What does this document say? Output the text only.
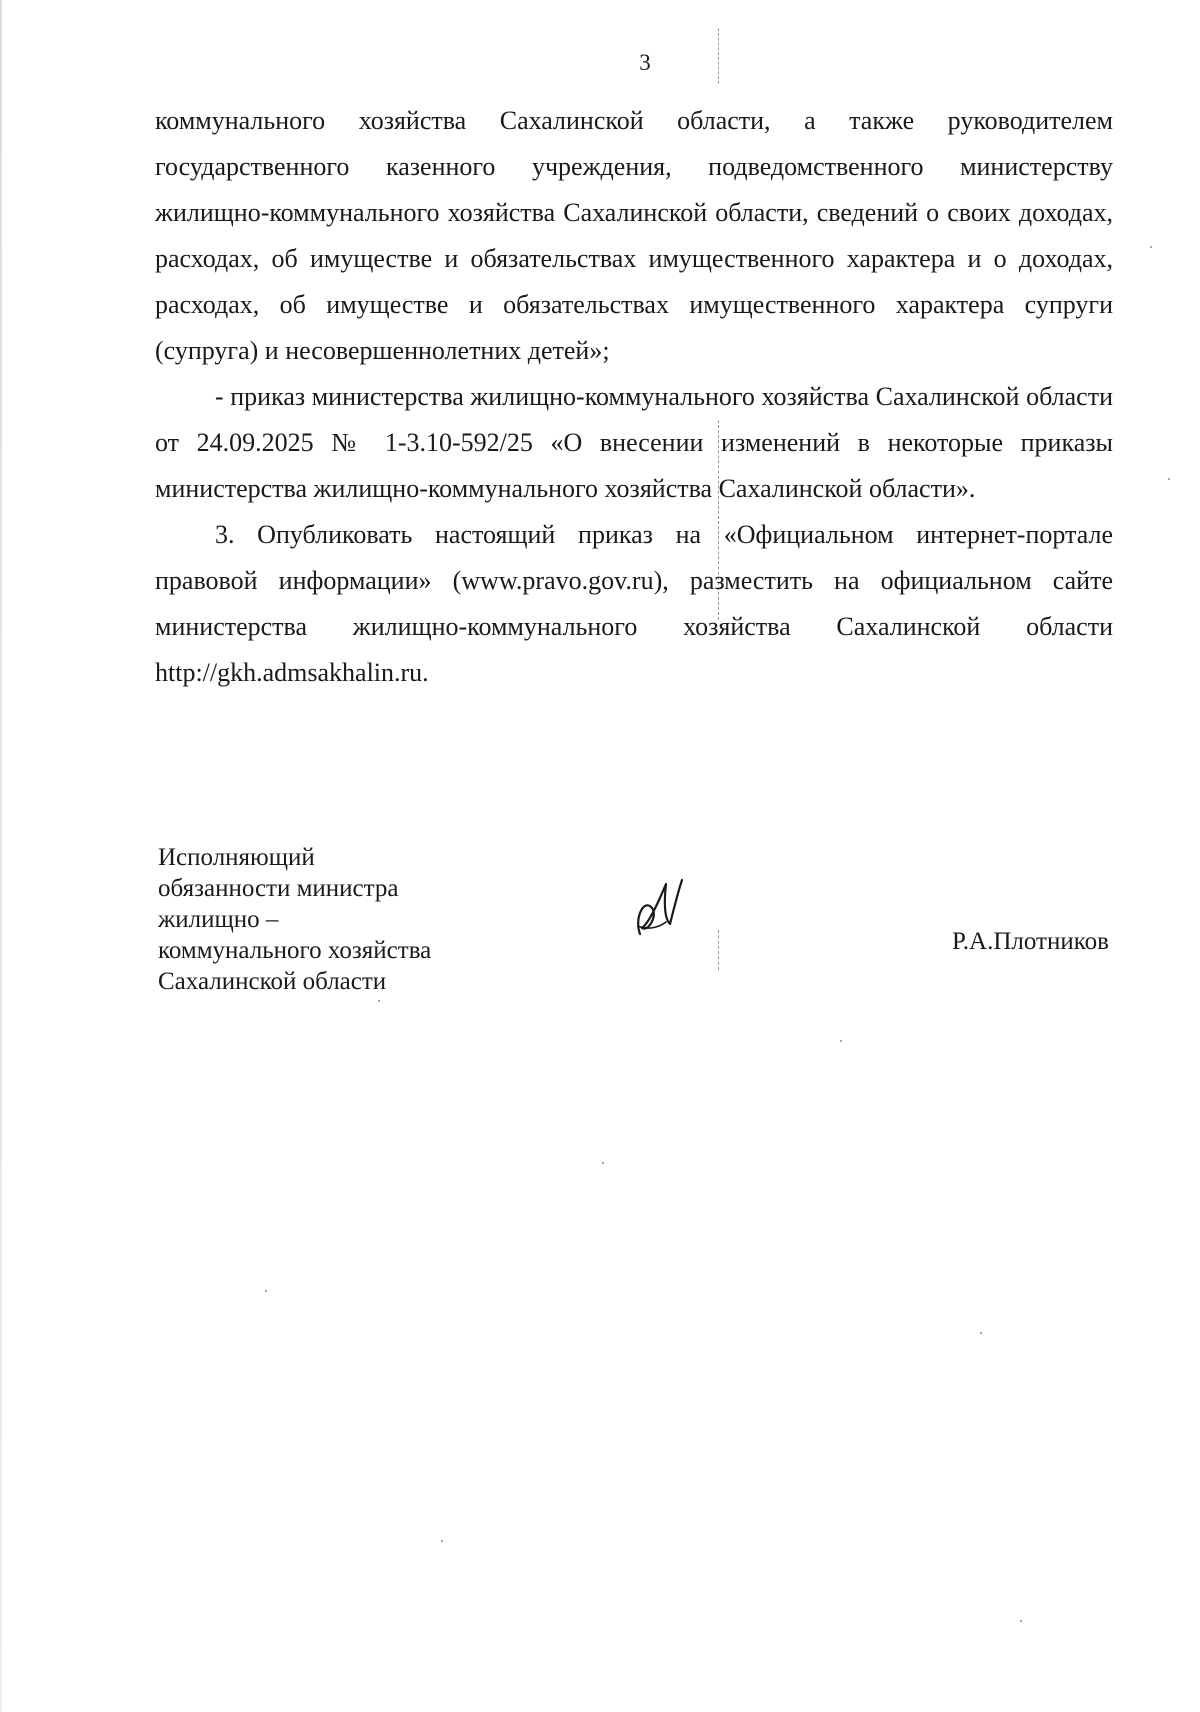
3

коммунального хозяйства Сахалинской области, а также руководителем государственного казенного учреждения, подведомственного министерству жилищно-коммунального хозяйства Сахалинской области, сведений о своих доходах, расходах, об имуществе и обязательствах имущественного характера и о доходах, расходах, об имуществе и обязательствах имущественного характера супруги (супруга) и несовершеннолетних детей»;

- приказ министерства жилищно-коммунального хозяйства Сахалинской области от 24.09.2025 № 1-3.10-592/25 «О внесении изменений в некоторые приказы министерства жилищно-коммунального хозяйства Сахалинской области».

3. Опубликовать настоящий приказ на «Официальном интернет-портале правовой информации» (www.pravo.gov.ru), разместить на официальном сайте министерства жилищно-коммунального хозяйства Сахалинской области http://gkh.admsakhalin.ru.

Исполняющий
обязанности министра
жилищно –
коммунального хозяйства
Сахалинской области
Р.А.Плотников
